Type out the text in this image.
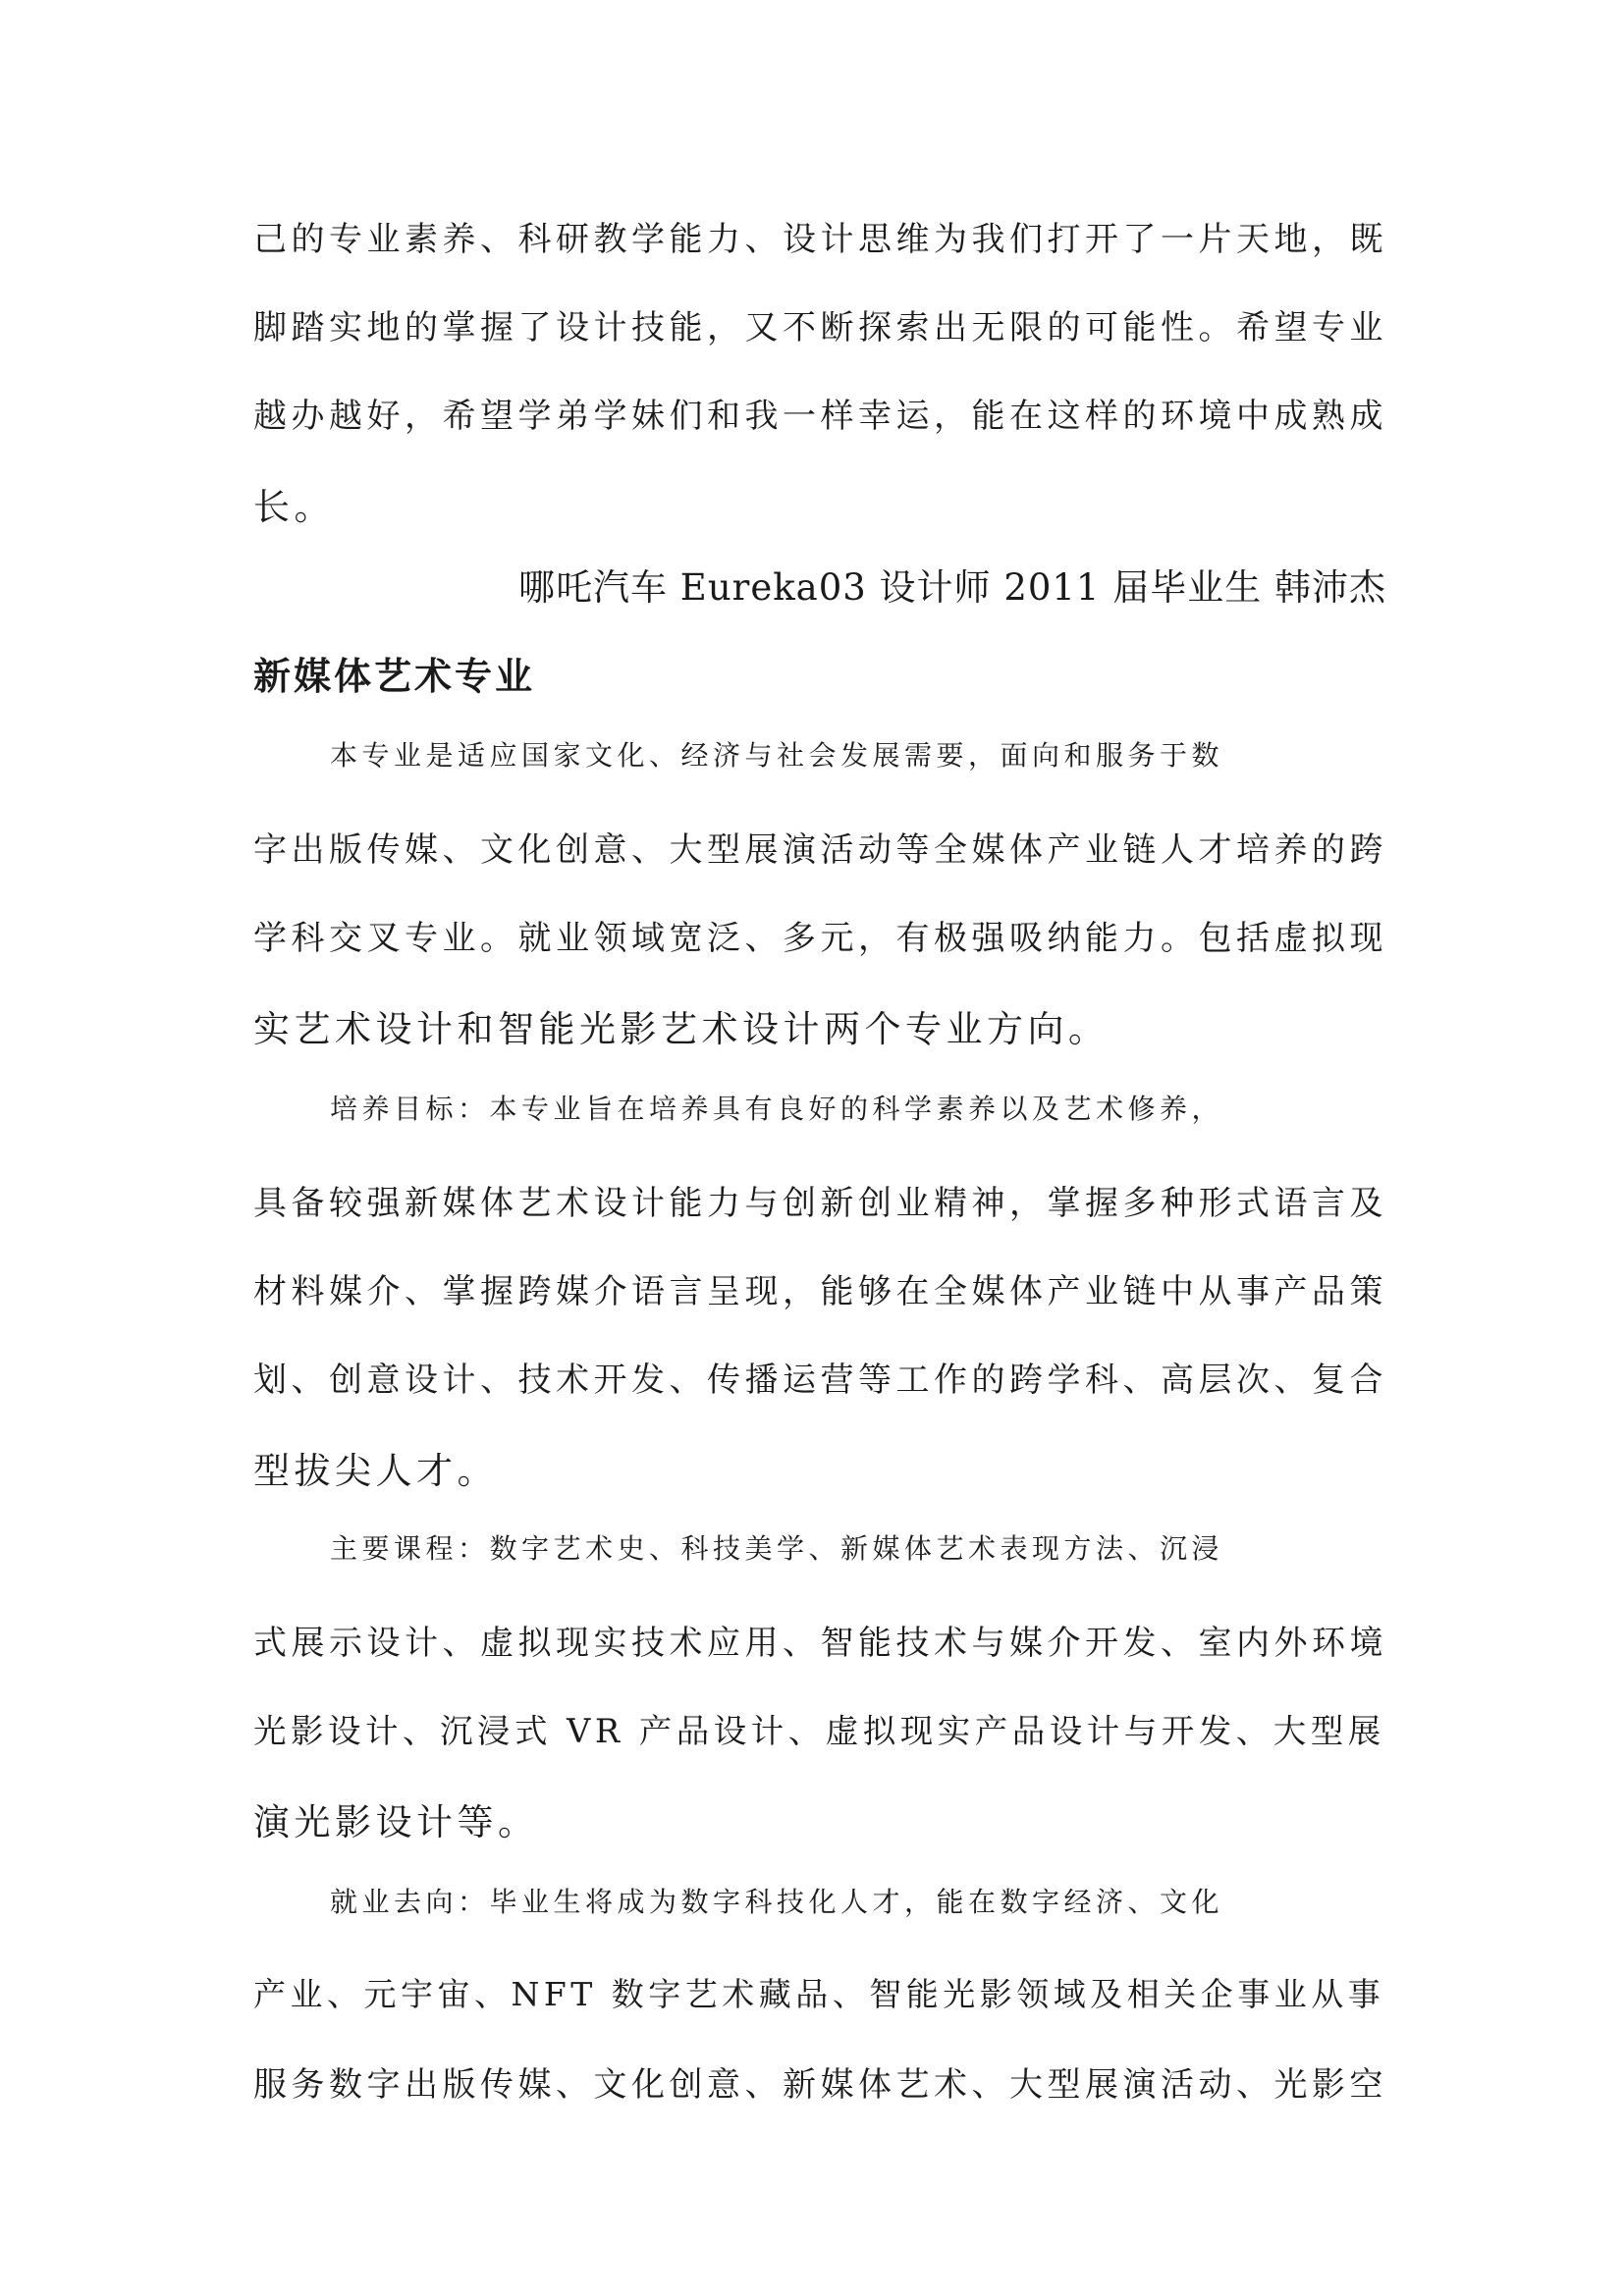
己的专业素养、科研教学能力、设计思维为我们打开了一片天地，既
脚踏实地的掌握了设计技能，又不断探索出无限的可能性。希望专业
越办越好，希望学弟学妹们和我一样幸运，能在这样的环境中成熟成
长。
哪吒汽车 Eureka03 设计师 2011 届毕业生 韩沛杰
新媒体艺术专业
本专业是适应国家文化、经济与社会发展需要，面向和服务于数
字出版传媒、文化创意、大型展演活动等全媒体产业链人才培养的跨
学科交叉专业。就业领域宽泛、多元，有极强吸纳能力。包括虚拟现
实艺术设计和智能光影艺术设计两个专业方向。
培养目标：本专业旨在培养具有良好的科学素养以及艺术修养，
具备较强新媒体艺术设计能力与创新创业精神，掌握多种形式语言及
材料媒介、掌握跨媒介语言呈现，能够在全媒体产业链中从事产品策
划、创意设计、技术开发、传播运营等工作的跨学科、高层次、复合
型拔尖人才。
主要课程：数字艺术史、科技美学、新媒体艺术表现方法、沉浸
式展示设计、虚拟现实技术应用、智能技术与媒介开发、室内外环境
光影设计、沉浸式 VR 产品设计、虚拟现实产品设计与开发、大型展
演光影设计等。
就业去向：毕业生将成为数字科技化人才，能在数字经济、文化
产业、元宇宙、NFT 数字艺术藏品、智能光影领域及相关企事业从事
服务数字出版传媒、文化创意、新媒体艺术、大型展演活动、光影空
